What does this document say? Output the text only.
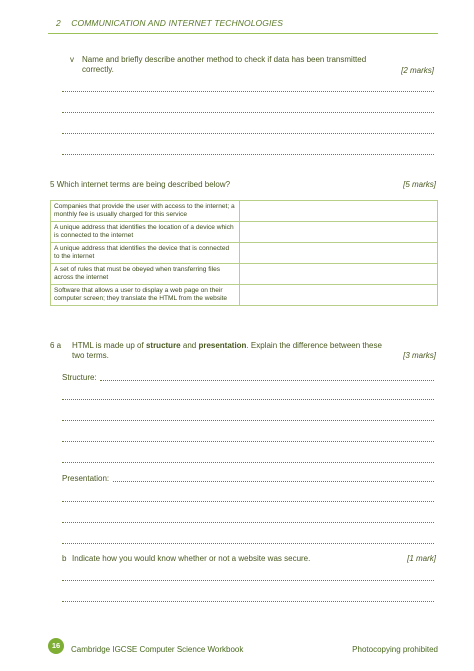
2 COMMUNICATION AND INTERNET TECHNOLOGIES
v Name and briefly describe another method to check if data has been transmitted
correctly.	[2 marks]
5 Which internet terms are being described below?	[5 marks]
Companies that provide the user with access to the internet; a monthly fee is usually charged for this service	
A unique address that identifies the location of a device which is connected to the internet	
A unique address that identifies the device that is connected to the internet	
A set of rules that must be obeyed when transferring files across the internet	
Software that allows a user to display a web page on their computer screen; they translate the HTML from the website	
6 a HTML is made up of structure and presentation. Explain the difference between these
two terms.	[3 marks]
Structure:
Presentation:
b Indicate how you would know whether or not a website was secure.	[1 mark]
16	Cambridge IGCSE Computer Science Workbook	Photocopying prohibited
